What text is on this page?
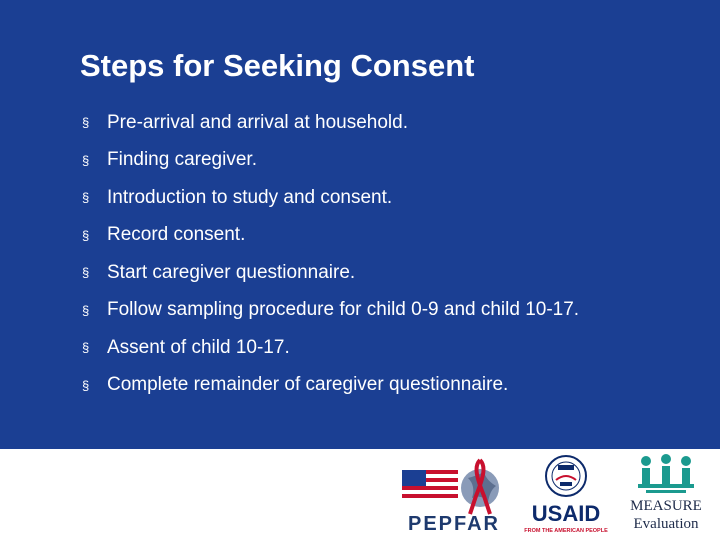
Steps for Seeking Consent
§ Pre-arrival and arrival at household.
§ Finding caregiver.
§ Introduction to study and consent.
§ Record consent.
§ Start caregiver questionnaire.
§ Follow sampling procedure for child 0-9 and child 10-17.
§ Assent of child 10-17.
§ Complete remainder of caregiver questionnaire.
PEPFAR USAID
FROM THE AMERICAN PEOPLE
MEASURE
Evaluation
